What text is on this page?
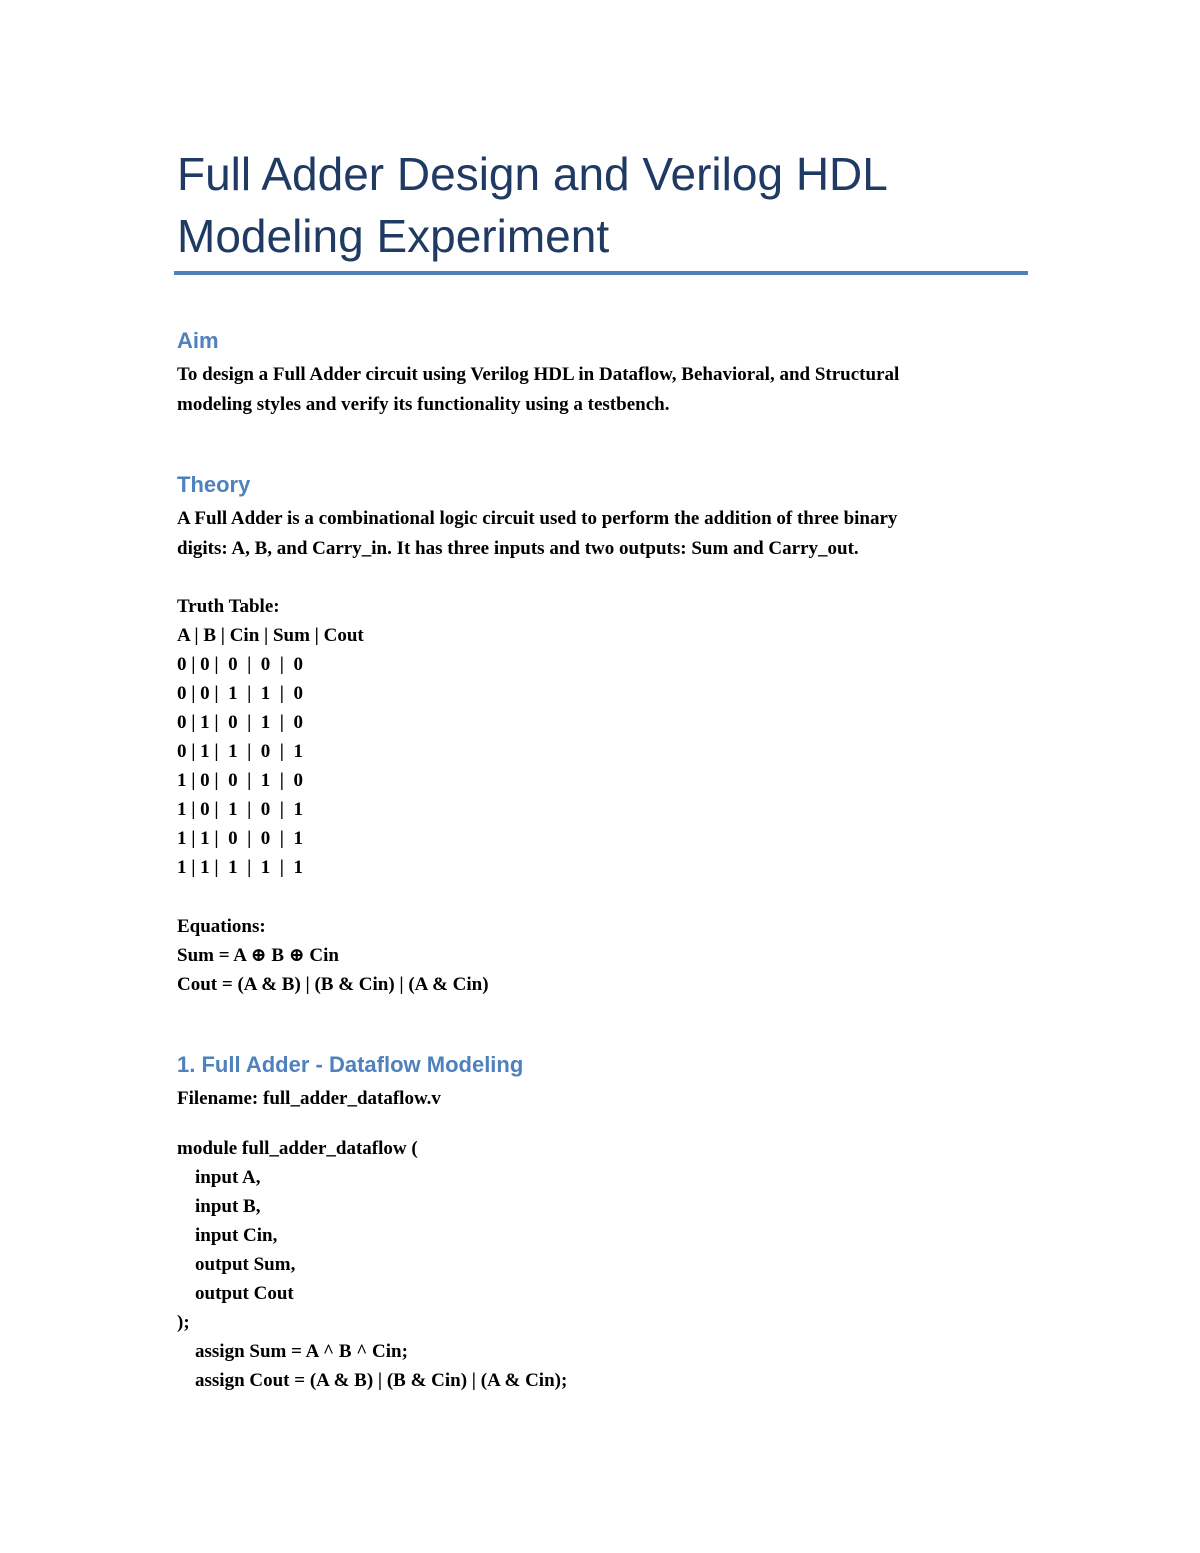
Full Adder Design and Verilog HDL
Modeling Experiment
Aim

To design a Full Adder circuit using Verilog HDL in Dataflow, Behavioral, and Structural
modeling styles and verify its functionality using a testbench.

Theory

A Full Adder is a combinational logic circuit used to perform the addition of three binary
digits: A, B, and Carry_in. It has three inputs and two outputs: Sum and Carry_out.

Truth Table:

A | B | Cin | Sum | Cout

0 | 0 |  0  |  0  |  0

0 | 0 |  1  |  1  |  0

0 | 1 |  0  |  1  |  0

0 | 1 |  1  |  0  |  1

1 | 0 |  0  |  1  |  0

1 | 0 |  1  |  0  |  1

1 | 1 |  0  |  0  |  1

1 | 1 |  1  |  1  |  1

Equations:

Sum = A ⊕ B ⊕ Cin

Cout = (A & B) | (B & Cin) | (A & Cin)

1. Full Adder - Dataflow Modeling

Filename: full_adder_dataflow.v

module full_adder_dataflow (

input A,

input B,

input Cin,

output Sum,

output Cout

);

assign Sum = A ^ B ^ Cin;

assign Cout = (A & B) | (B & Cin) | (A & Cin);
